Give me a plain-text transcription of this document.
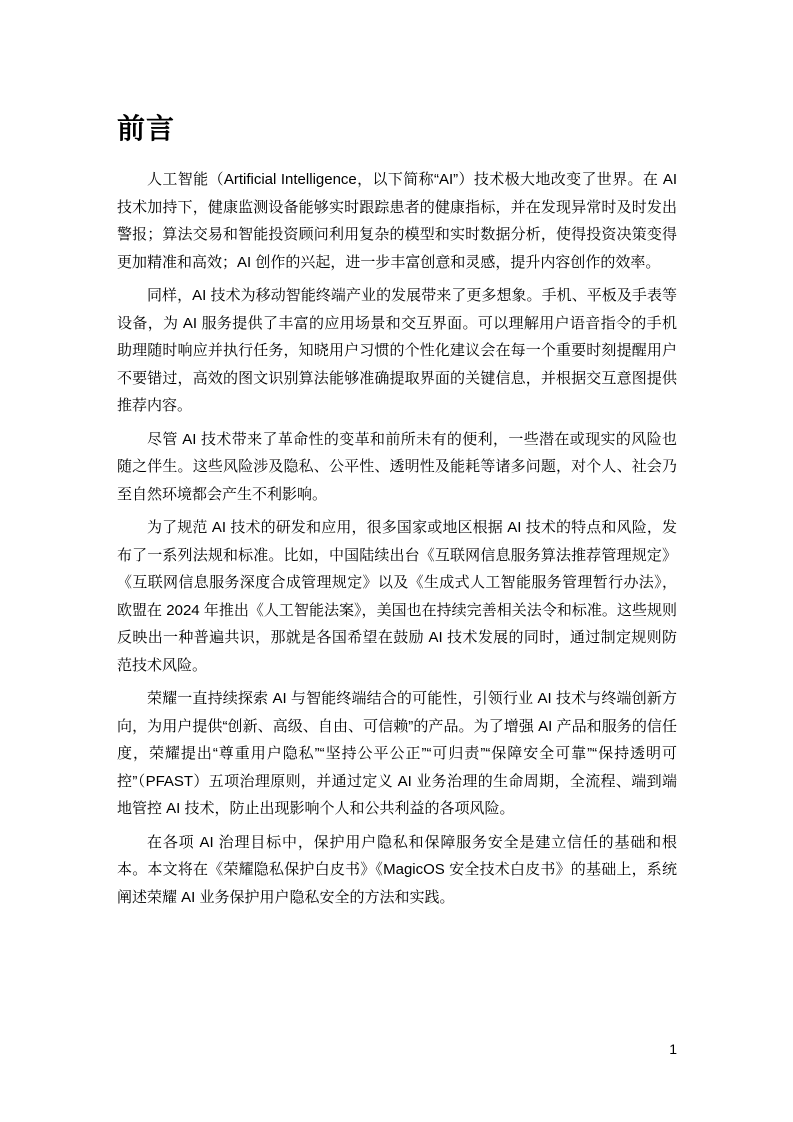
前言

人工智能（Artificial Intelligence，以下简称“AI”）技术极大地改变了世界。在 AI 技术加持下，健康监测设备能够实时跟踪患者的健康指标，并在发现异常时及时发出警报；算法交易和智能投资顾问利用复杂的模型和实时数据分析，使得投资决策变得更加精准和高效；AI 创作的兴起，进一步丰富创意和灵感，提升内容创作的效率。

同样，AI 技术为移动智能终端产业的发展带来了更多想象。手机、平板及手表等设备，为 AI 服务提供了丰富的应用场景和交互界面。可以理解用户语音指令的手机助理随时响应并执行任务，知晓用户习惯的个性化建议会在每一个重要时刻提醒用户不要错过，高效的图文识别算法能够准确提取界面的关键信息，并根据交互意图提供推荐内容。

尽管 AI 技术带来了革命性的变革和前所未有的便利，一些潜在或现实的风险也随之伴生。这些风险涉及隐私、公平性、透明性及能耗等诸多问题，对个人、社会乃至自然环境都会产生不利影响。

为了规范 AI 技术的研发和应用，很多国家或地区根据 AI 技术的特点和风险，发布了一系列法规和标准。比如，中国陆续出台《互联网信息服务算法推荐管理规定》《互联网信息服务深度合成管理规定》以及《生成式人工智能服务管理暂行办法》，欧盟在 2024 年推出《人工智能法案》，美国也在持续完善相关法令和标准。这些规则反映出一种普遍共识，那就是各国希望在鼓励 AI 技术发展的同时，通过制定规则防范技术风险。

荣耀一直持续探索 AI 与智能终端结合的可能性，引领行业 AI 技术与终端创新方向，为用户提供“创新、高级、自由、可信赖”的产品。为了增强 AI 产品和服务的信任度，荣耀提出“尊重用户隐私”“坚持公平公正”“可归责”“保障安全可靠”“保持透明可控”（PFAST）五项治理原则，并通过定义 AI 业务治理的生命周期，全流程、端到端地管控 AI 技术，防止出现影响个人和公共利益的各项风险。

在各项 AI 治理目标中，保护用户隐私和保障服务安全是建立信任的基础和根本。本文将在《荣耀隐私保护白皮书》《MagicOS 安全技术白皮书》的基础上，系统阐述荣耀 AI 业务保护用户隐私安全的方法和实践。

1
